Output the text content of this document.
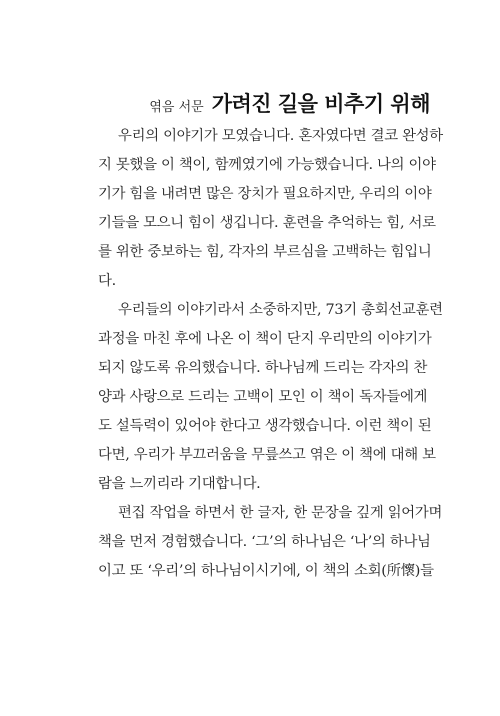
엮음 서문 가려진 길을 비추기 위해
우리의 이야기가 모였습니다. 혼자였다면 결코 완성하
지 못했을 이 책이, 함께였기에 가능했습니다. 나의 이야
기가 힘을 내려면 많은 장치가 필요하지만, 우리의 이야
기들을 모으니 힘이 생깁니다. 훈련을 추억하는 힘, 서로
를 위한 중보하는 힘, 각자의 부르심을 고백하는 힘입니
다.
우리들의 이야기라서 소중하지만, 73기 총회선교훈련
과정을 마친 후에 나온 이 책이 단지 우리만의 이야기가
되지 않도록 유의했습니다. 하나님께 드리는 각자의 찬
양과 사랑으로 드리는 고백이 모인 이 책이 독자들에게
도 설득력이 있어야 한다고 생각했습니다. 이런 책이 된
다면, 우리가 부끄러움을 무릎쓰고 엮은 이 책에 대해 보
람을 느끼리라 기대합니다.
편집 작업을 하면서 한 글자, 한 문장을 깊게 읽어가며
책을 먼저 경험했습니다. ‘그’의 하나님은 ‘나’의 하나님
이고 또 ‘우리’의 하나님이시기에, 이 책의 소회(所懷)들
